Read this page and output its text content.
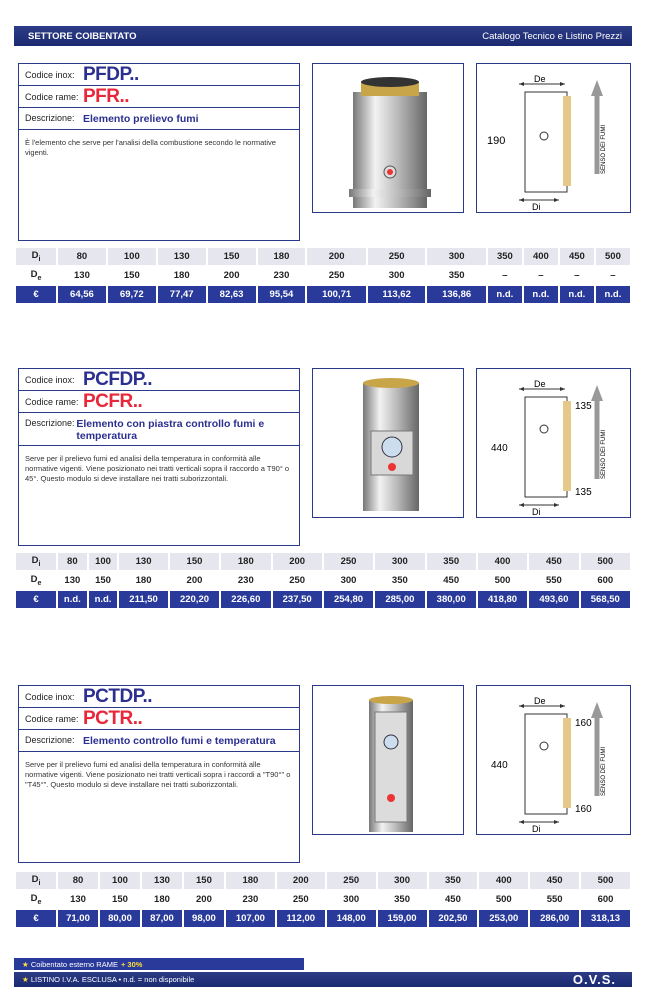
SETTORE COIBENTATO	Catalogo Tecnico e Listino Prezzi
Codice inox: PFDP..
Codice rame: PFR..
Descrizione: Elemento prelievo fumi
È l'elemento che serve per l'analisi della combustione secondo le normative vigenti.
De
Di
SENSO DEI FUMI
190
Codice inox: PCFDP..
Codice rame: PCFR..
Descrizione: Elemento con piastra controllo fumi e temperatura
Serve per il prelievo fumi ed analisi della temperatura in conformità alle normative vigenti. Viene posizionato nei tratti verticali sopra il raccordo a T90° o 45°. Questo modulo si deve installare nei tratti suborizzontali.
De
Di
SENSO DEI FUMI
135
440
135
Codice inox: PCTDP..
Codice rame: PCTR..
Descrizione: Elemento controllo fumi e temperatura
Serve per il prelievo fumi ed analisi della temperatura in conformità alle normative vigenti. Viene posizionato nei tratti verticali sopra i raccordi a "T90°" o "T45°". Questo modulo si deve installare nei tratti suborizzontali.
De
Di
SENSO DEI FUMI
160
440
160
★
Coibentato esterno RAME + 30%
★ LISTINO I.V.A. ESCLUSA • n.d. = non disponibile	O.V.S.
$D_i$	80	100	130	150	180	200	250	300	350	400	450	500
$D_e$	130	150	180	200	230	250	300	350	–	–	–	–
€	64,56	69,72	77,47	82,63	95,54	100,71	113,62	136,86	n.d.	n.d.	n.d.	n.d.
$D_i$	80	100	130	150	180	200	250	300	350	400	450	500
$D_e$	130	150	180	200	230	250	300	350	450	500	550	600
€	n.d.	n.d.	211,50	220,20	226,60	237,50	254,80	285,00	380,00	418,80	493,60	568,50
$D_i$	80	100	130	150	180	200	250	300	350	400	450	500
$D_e$	130	150	180	200	230	250	300	350	450	500	550	600
€	71,00	80,00	87,00	98,00	107,00	112,00	148,00	159,00	202,50	253,00	286,00	318,13
